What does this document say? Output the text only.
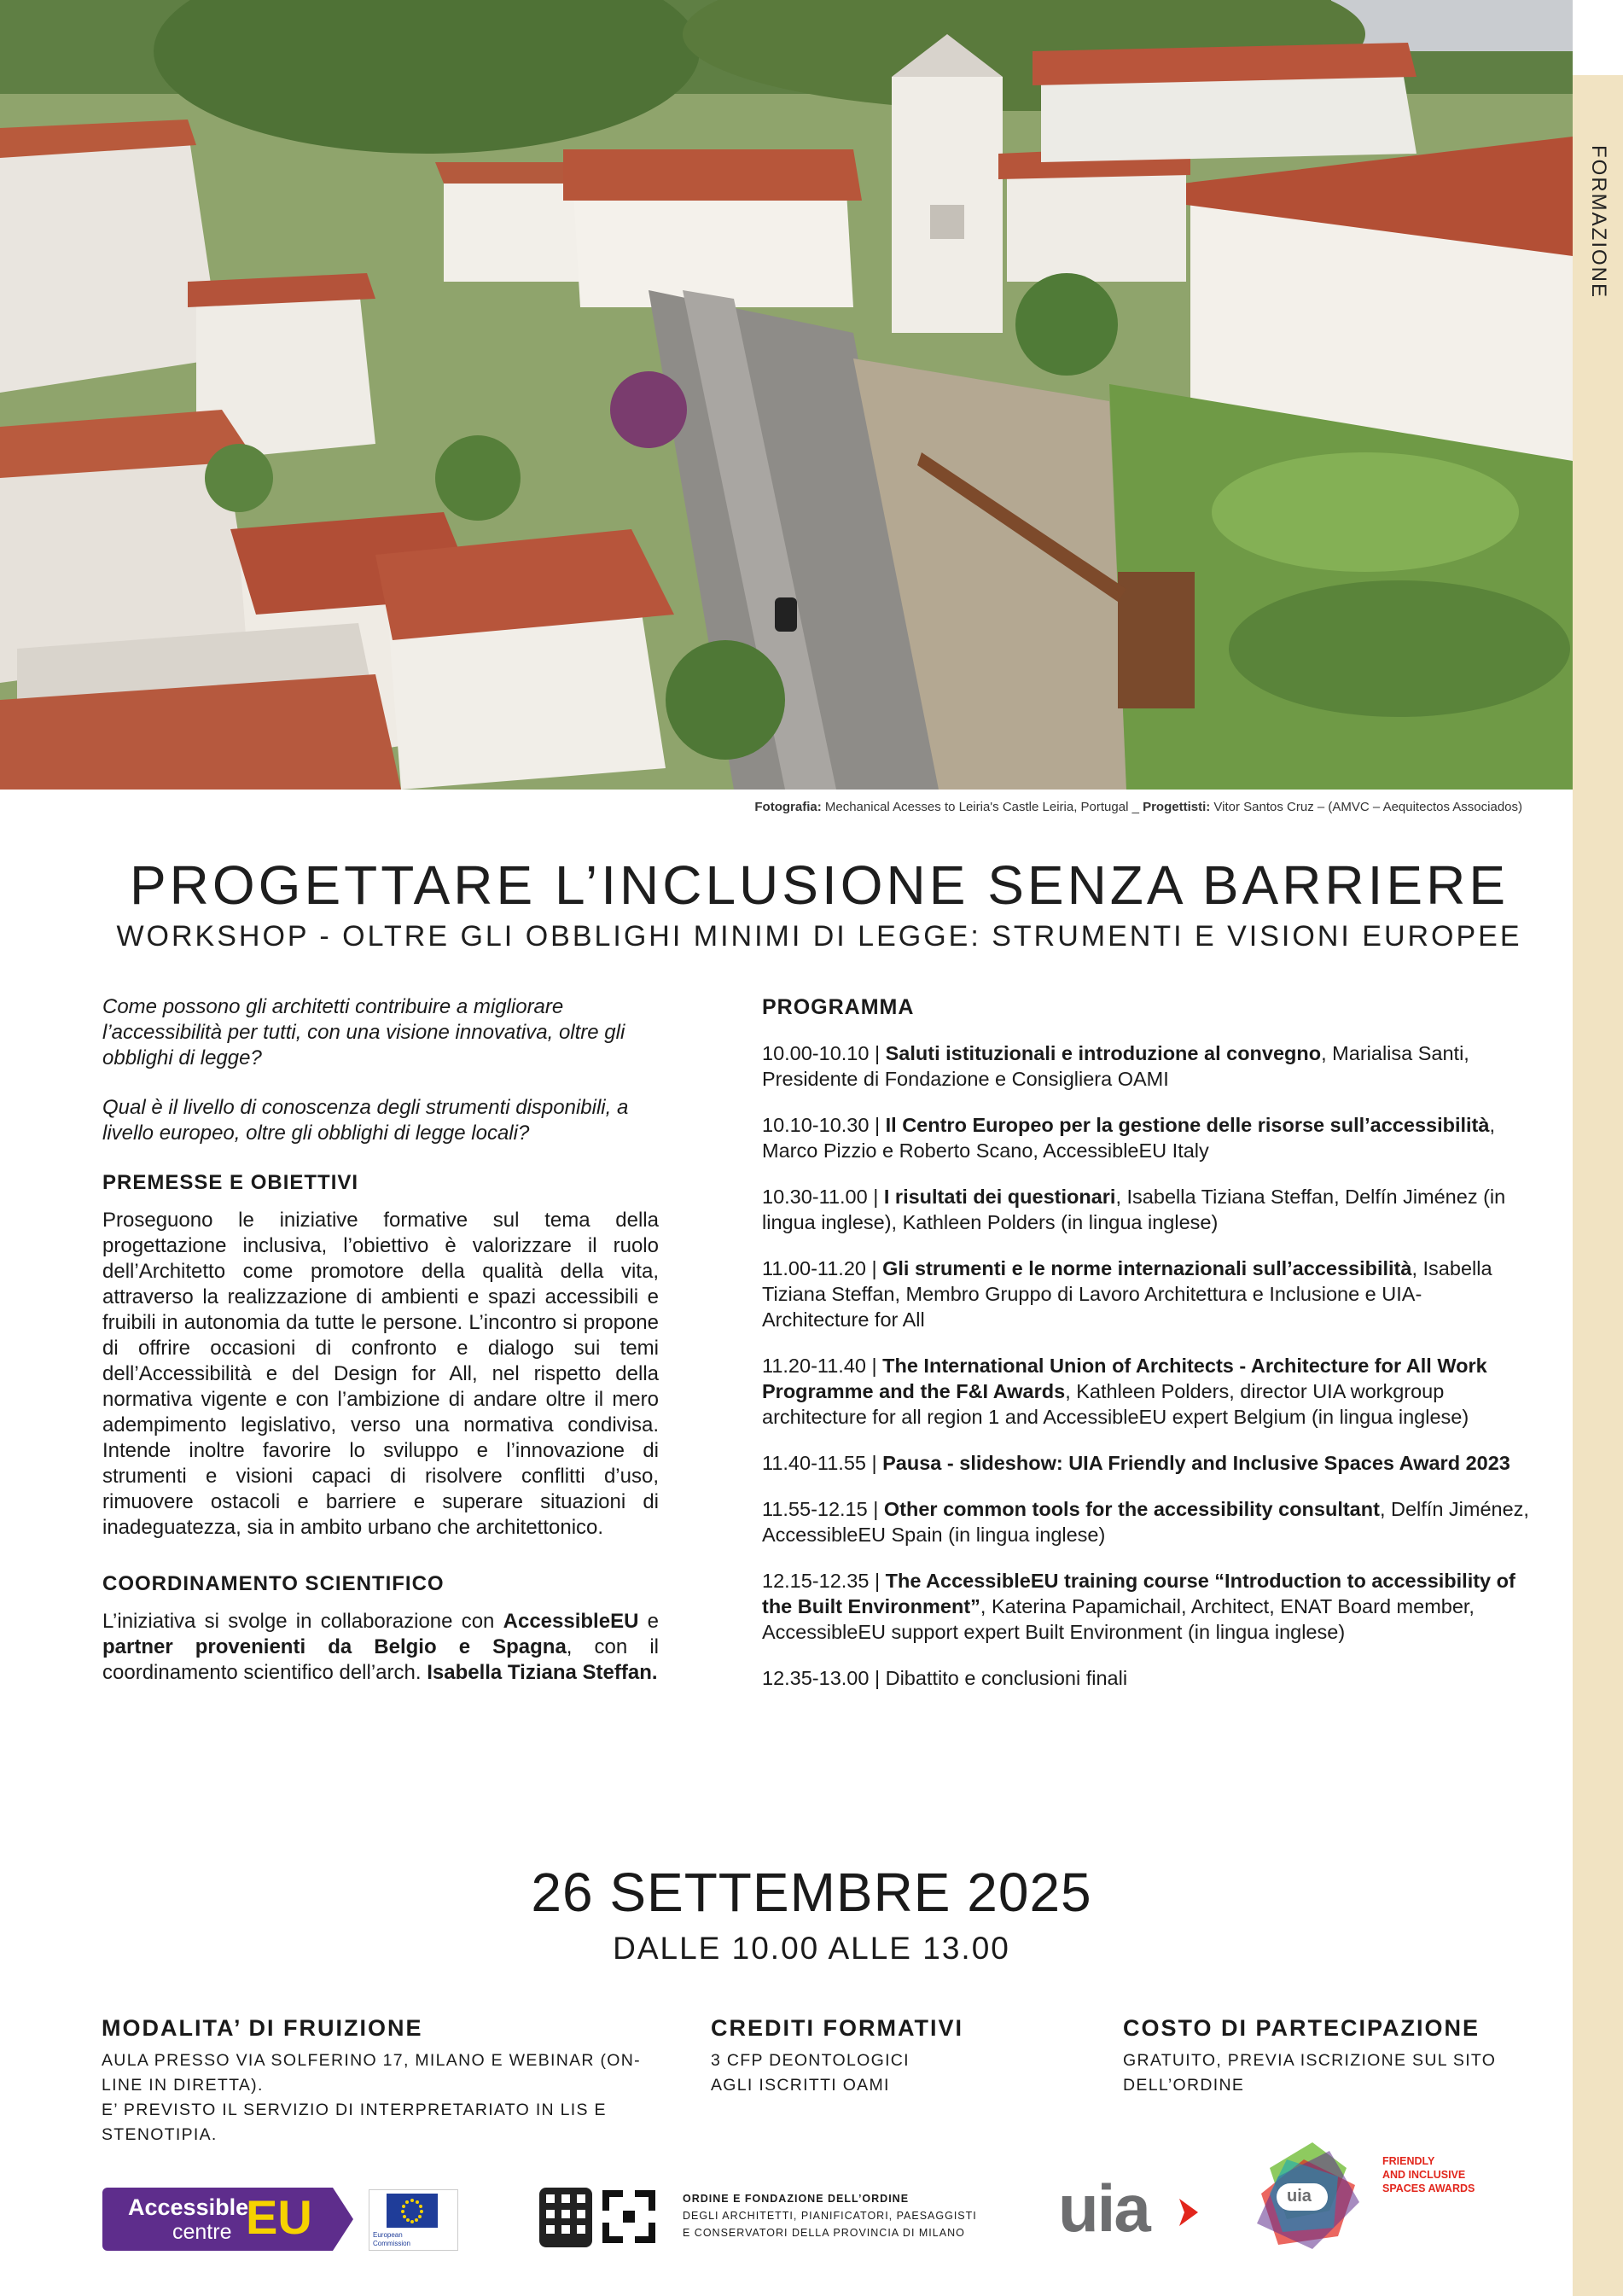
FORMAZIONE
Fotografia: Mechanical Acesses to Leiria's Castle Leiria, Portugal _ Progettisti: Vitor Santos Cruz – (AMVC – Aequitectos Associados)
PROGETTARE L’INCLUSIONE SENZA BARRIERE
WORKSHOP - OLTRE GLI OBBLIGHI MINIMI DI LEGGE: STRUMENTI E VISIONI EUROPEE

Come possono gli architetti contribuire a migliorare l’accessibilità per tutti, con una visione innovativa, oltre gli obblighi di legge?

Qual è il livello di conoscenza degli strumenti disponibili, a livello europeo, oltre gli obblighi di legge locali?

PREMESSE E OBIETTIVI

Proseguono le iniziative formative sul tema della progettazione inclusiva, l’obiettivo è valorizzare il ruolo dell’Architetto come promotore della qualità della vita, attraverso la realizzazione di ambienti e spazi accessibili e fruibili in autonomia da tutte le persone. L’incontro si propone di offrire occasioni di confronto e dialogo sui temi dell’Accessibilità e del Design for All, nel rispetto della normativa vigente e con l’ambizione di andare oltre il mero adempimento legislativo, verso una normativa condivisa. Intende inoltre favorire lo sviluppo e l’innovazione di strumenti e visioni capaci di risolvere conflitti d’uso, rimuovere ostacoli e barriere e superare situazioni di inadeguatezza, sia in ambito urbano che architettonico.

COORDINAMENTO SCIENTIFICO

L’iniziativa si svolge in collaborazione con AccessibleEU e partner provenienti da Belgio e Spagna, con il coordinamento scientifico dell’arch. Isabella Tiziana Steffan.

PROGRAMMA
10.00-10.10 | Saluti istituzionali e introduzione al convegno, Marialisa Santi, Presidente di Fondazione e Consigliera OAMI
10.10-10.30 | Il Centro Europeo per la gestione delle risorse sull’accessibilità, Marco Pizzio e Roberto Scano, AccessibleEU Italy
10.30-11.00 | I risultati dei questionari, Isabella Tiziana Steffan, Delfín Jiménez (in lingua inglese), Kathleen Polders (in lingua inglese)
11.00-11.20 | Gli strumenti e le norme internazionali sull’accessibilità, Isabella Tiziana Steffan, Membro Gruppo di Lavoro Architettura e Inclusione e UIA- Architecture for All
11.20-11.40 | The International Union of Architects - Architecture for All Work Programme and the F&I Awards, Kathleen Polders, director UIA workgroup architecture for all region 1 and AccessibleEU expert Belgium (in lingua inglese)
11.40-11.55 | Pausa - slideshow: UIA Friendly and Inclusive Spaces Award 2023
11.55-12.15 | Other common tools for the accessibility consultant, Delfín Jiménez, AccessibleEU Spain (in lingua inglese)
12.15-12.35 | The AccessibleEU training course “Introduction to accessibility of the Built Environment”, Katerina Papamichail, Architect, ENAT Board member, AccessibleEU support expert Built Environment (in lingua inglese)
12.35-13.00 | Dibattito e conclusioni finali
26 SETTEMBRE 2025
DALLE 10.00 ALLE 13.00
MODALITA’ DI FRUIZIONE
AULA PRESSO VIA SOLFERINO 17, MILANO E WEBINAR (ON-
LINE IN DIRETTA).
E’ PREVISTO IL SERVIZIO DI INTERPRETARIATO IN LIS E
STENOTIPIA.
CREDITI FORMATIVI
3 CFP DEONTOLOGICI
AGLI ISCRITTI OAMI
COSTO DI PARTECIPAZIONE
GRATUITO, PREVIA ISCRIZIONE SUL SITO
DELL’ORDINE
Accessible
centre EU	European
Commission
ORDINE E FONDAZIONE DELL’ORDINE
DEGLI ARCHITETTI, PIANIFICATORI, PAESAGGISTI
E CONSERVATORI DELLA PROVINCIA DI MILANO	uia	uia
FRIENDLY
AND INCLUSIVE
SPACES AWARDS
